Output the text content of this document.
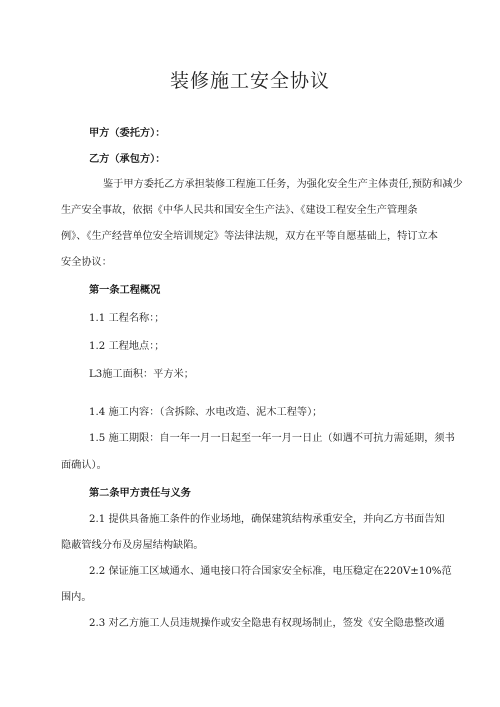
装修施工安全协议
甲方（委托方）：
乙方（承包方）：
鉴于甲方委托乙方承担装修工程施工任务，为强化安全生产主体责任,预防和减少
生产安全事故，依据《中华人民共和国安全生产法》、《建设工程安全生产管理条
例》、《生产经营单位安全培训规定》等法律法规，双方在平等自愿基础上，特订立本
安全协议：
第一条工程概况
1.1 工程名称：；
1.2 工程地点：；
L3施工面积：平方米；
1.4 施工内容：（含拆除、水电改造、泥木工程等）；
1.5 施工期限：自一年一月一日起至一年一月一日止（如遇不可抗力需延期，须书
面确认）。
第二条甲方责任与义务
2.1 提供具备施工条件的作业场地，确保建筑结构承重安全，并向乙方书面告知
隐蔽管线分布及房屋结构缺陷。
2.2 保证施工区域通水、通电接口符合国家安全标准，电压稳定在220V±10%范
围内。
2.3 对乙方施工人员违规操作或安全隐患有权现场制止，签发《安全隐患整改通
